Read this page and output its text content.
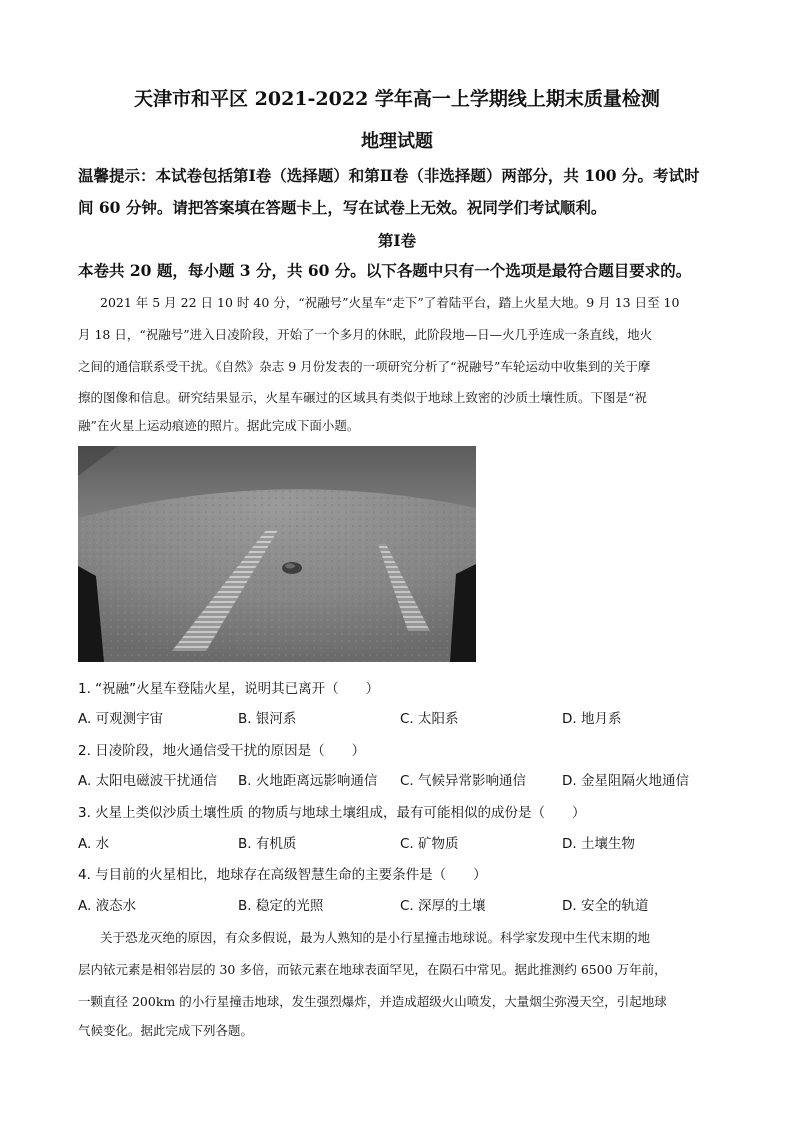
天津市和平区 2021-2022 学年高一上学期线上期末质量检测
地理试题
温馨提示：本试卷包括第Ⅰ卷（选择题）和第Ⅱ卷（非选择题）两部分，共 100 分。考试时
间 60 分钟。请把答案填在答题卡上，写在试卷上无效。祝同学们考试顺利。
第Ⅰ卷
本卷共 20 题，每小题 3 分，共 60 分。以下各题中只有一个选项是最符合题目要求的。
2021 年 5 月 22 日 10 时 40 分，“祝融号”火星车“走下”了着陆平台，踏上火星大地。9 月 13 日至 10
月 18 日，“祝融号”进入日凌阶段，开始了一个多月的休眠，此阶段地—日—火几乎连成一条直线，地火
之间的通信联系受干扰。《自然》杂志 9 月份发表的一项研究分析了“祝融号”车轮运动中收集到的关于摩
擦的图像和信息。研究结果显示，火星车碾过的区域具有类似于地球上致密的沙质土壤性质。下图是“祝
融”在火星上运动痕迹的照片。据此完成下面小题。
1. “祝融”火星车登陆火星，说明其已离开（　　）
A. 可观测宇宙	B. 银河系	C. 太阳系	D. 地月系
2. 日凌阶段，地火通信受干扰的原因是（　　）
A. 太阳电磁波干扰通信 B. 火地距离远影响通信 C. 气候异常影响通信	D. 金星阻隔火地通信
3. 火星上类似沙质土壤性质 的物质与地球土壤组成，最有可能相似的成份是（　　）
A. 水	B. 有机质	C. 矿物质	D. 土壤生物
4. 与目前的火星相比，地球存在高级智慧生命的主要条件是（　　）
A. 液态水	B. 稳定的光照	C. 深厚的土壤	D. 安全的轨道
关于恐龙灭绝的原因，有众多假说，最为人熟知的是小行星撞击地球说。科学家发现中生代末期的地
层内铱元素是相邻岩层的 30 多倍，而铱元素在地球表面罕见，在陨石中常见。据此推测约 6500 万年前，
一颗直径 200km 的小行星撞击地球，发生强烈爆炸，并造成超级火山喷发，大量烟尘弥漫天空，引起地球
气候变化。据此完成下列各题。
